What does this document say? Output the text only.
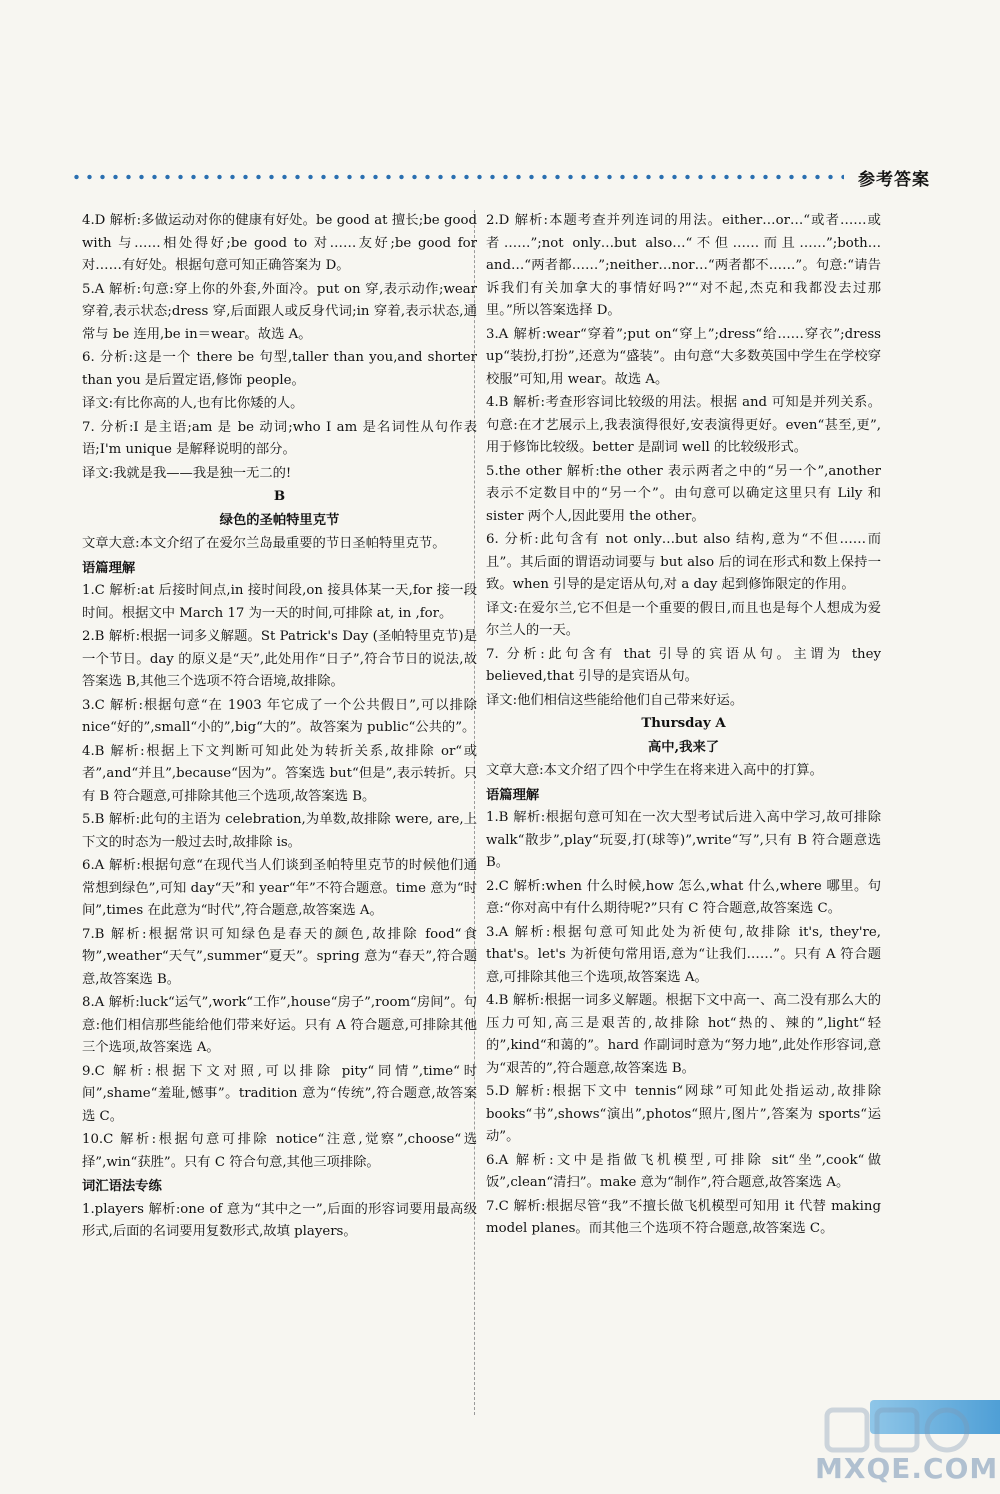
参考答案
4.D 解析:多做运动对你的健康有好处。be good at 擅长;be good with 与……相处得好;be good to 对……友好;be good for 对……有好处。根据句意可知正确答案为 D。
5.A 解析:句意:穿上你的外套,外面冷。put on 穿,表示动作;wear 穿着,表示状态;dress 穿,后面跟人或反身代词;in 穿着,表示状态,通常与 be 连用,be in＝wear。故选 A。
6. 分析:这是一个 there be 句型,taller than you,and shorter than you 是后置定语,修饰 people。
译文:有比你高的人,也有比你矮的人。
7. 分析:I 是主语;am 是 be 动词;who I am 是名词性从句作表语;I'm unique 是解释说明的部分。
译文:我就是我——我是独一无二的!
B
绿色的圣帕特里克节
文章大意:本文介绍了在爱尔兰岛最重要的节日圣帕特里克节。
语篇理解
1.C 解析:at 后接时间点,in 接时间段,on 接具体某一天,for 接一段时间。根据文中 March 17 为一天的时间,可排除 at, in ,for。
2.B 解析:根据一词多义解题。St Patrick's Day (圣帕特里克节)是一个节日。day 的原义是“天”,此处用作“日子”,符合节日的说法,故答案选 B,其他三个选项不符合语境,故排除。
3.C 解析:根据句意“在 1903 年它成了一个公共假日”,可以排除 nice“好的”,small“小的”,big“大的”。故答案为 public“公共的”。
4.B 解析:根据上下文判断可知此处为转折关系,故排除 or“或者”,and“并且”,because“因为”。答案选 but“但是”,表示转折。只有 B 符合题意,可排除其他三个选项,故答案选 B。
5.B 解析:此句的主语为 celebration,为单数,故排除 were, are,上下文的时态为一般过去时,故排除 is。
6.A 解析:根据句意“在现代当人们谈到圣帕特里克节的时候他们通常想到绿色”,可知 day“天”和 year“年”不符合题意。time 意为“时间”,times 在此意为“时代”,符合题意,故答案选 A。
7.B 解析:根据常识可知绿色是春天的颜色,故排除 food“食物”,weather“天气”,summer“夏天”。spring 意为“春天”,符合题意,故答案选 B。
8.A 解析:luck“运气”,work“工作”,house“房子”,room“房间”。句意:他们相信那些能给他们带来好运。只有 A 符合题意,可排除其他三个选项,故答案选 A。
9.C 解析:根据下文对照,可以排除 pity“同情”,time“时间”,shame“羞耻,憾事”。tradition 意为“传统”,符合题意,故答案选 C。
10.C 解析:根据句意可排除 notice“注意,觉察”,choose“选择”,win“获胜”。只有 C 符合句意,其他三项排除。
词汇语法专练
1.players 解析:one of 意为“其中之一”,后面的形容词要用最高级形式,后面的名词要用复数形式,故填 players。
2.D 解析:本题考查并列连词的用法。either…or…“或者……或者……”;not only…but also…“不但……而且……”;both…and…“两者都……”;neither…nor…“两者都不……”。句意:“请告诉我们有关加拿大的事情好吗?”“对不起,杰克和我都没去过那里。”所以答案选择 D。
3.A 解析:wear“穿着”;put on“穿上”;dress“给……穿衣”;dress up“装扮,打扮”,还意为“盛装”。由句意“大多数英国中学生在学校穿校服”可知,用 wear。故选 A。
4.B 解析:考查形容词比较级的用法。根据 and 可知是并列关系。句意:在才艺展示上,我表演得很好,安表演得更好。even“甚至,更”,用于修饰比较级。better 是副词 well 的比较级形式。
5.the other 解析:the other 表示两者之中的“另一个”,another 表示不定数目中的“另一个”。由句意可以确定这里只有 Lily 和 sister 两个人,因此要用 the other。
6. 分析:此句含有 not only…but also 结构,意为“不但……而且”。其后面的谓语动词要与 but also 后的词在形式和数上保持一致。when 引导的是定语从句,对 a day 起到修饰限定的作用。
译文:在爱尔兰,它不但是一个重要的假日,而且也是每个人想成为爱尔兰人的一天。
7. 分析:此句含有 that 引导的宾语从句。主谓为 they believed,that 引导的是宾语从句。
译文:他们相信这些能给他们自己带来好运。
Thursday A
高中,我来了
文章大意:本文介绍了四个中学生在将来进入高中的打算。
语篇理解
1.B 解析:根据句意可知在一次大型考试后进入高中学习,故可排除 walk“散步”,play“玩耍,打(球等)”,write“写”,只有 B 符合题意选 B。
2.C 解析:when 什么时候,how 怎么,what 什么,where 哪里。句意:“你对高中有什么期待呢?”只有 C 符合题意,故答案选 C。
3.A 解析:根据句意可知此处为祈使句,故排除 it's, they're, that's。let's 为祈使句常用语,意为“让我们……”。只有 A 符合题意,可排除其他三个选项,故答案选 A。
4.B 解析:根据一词多义解题。根据下文中高一、高二没有那么大的压力可知,高三是艰苦的,故排除 hot“热的、辣的”,light“轻的”,kind“和蔼的”。hard 作副词时意为“努力地”,此处作形容词,意为“艰苦的”,符合题意,故答案选 B。
5.D 解析:根据下文中 tennis“网球”可知此处指运动,故排除 books“书”,shows“演出”,photos“照片,图片”,答案为 sports“运动”。
6.A 解析:文中是指做飞机模型,可排除 sit“坐”,cook“做饭”,clean“清扫”。make 意为“制作”,符合题意,故答案选 A。
7.C 解析:根据尽管“我”不擅长做飞机模型可知用 it 代替 making model planes。而其他三个选项不符合题意,故答案选 C。
MXQE.COM
